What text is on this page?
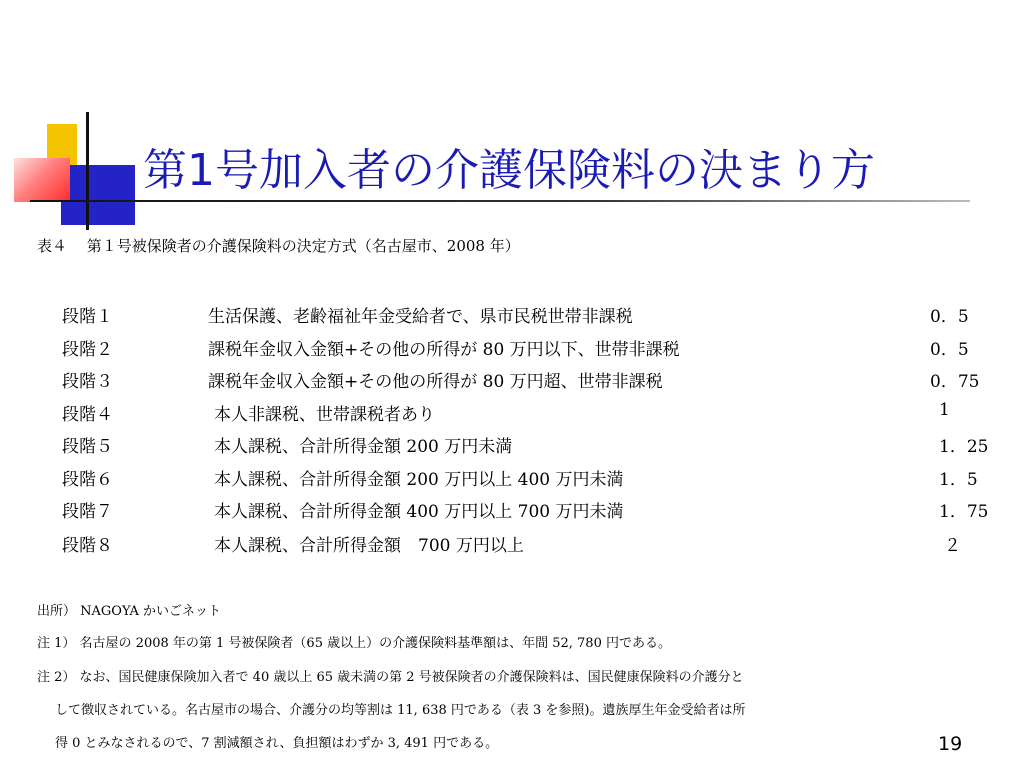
第1号加入者の介護保険料の決まり方
表４　 第１号被保険者の介護保険料の決定方式（名古屋市、2008 年）
段階１	生活保護、老齢福祉年金受給者で、県市民税世帯非課税	0．5
段階２	課税年金収入金額+その他の所得が 80 万円以下、世帯非課税	0．5
段階３	課税年金収入金額+その他の所得が 80 万円超、世帯非課税	0．75
段階４	本人非課税、世帯課税者あり	1
段階５	本人課税、合計所得金額 200 万円未満	1．25
段階６	本人課税、合計所得金額 200 万円以上 400 万円未満	1．5
段階７	本人課税、合計所得金額 400 万円以上 700 万円未満	1．75
段階８	本人課税、合計所得金額　700 万円以上	２
出所） NAGOYA かいごネット
注 1） 名古屋の 2008 年の第 1 号被保険者（65 歳以上）の介護保険料基準額は、年間 52, 780 円である。
注 2） なお、国民健康保険加入者で 40 歳以上 65 歳未満の第 2 号被保険者の介護保険料は、国民健康保険料の介護分と
して徴収されている。名古屋市の場合、介護分の均等割は 11, 638 円である（表 3 を参照)。遺族厚生年金受給者は所
得 0 とみなされるので、7 割減額され、負担額はわずか 3, 491 円である。	19
